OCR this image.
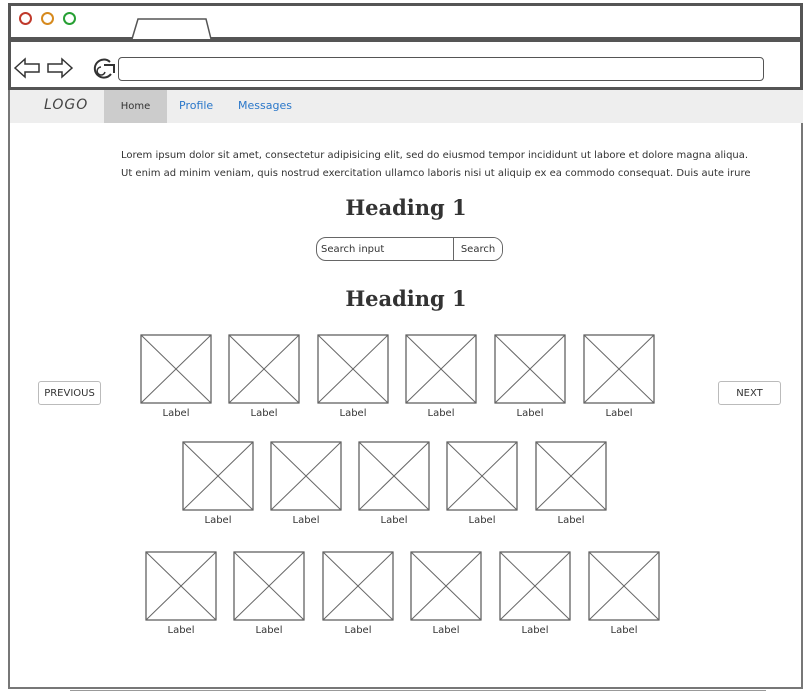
LOGO	Home	Profile Messages
Lorem ipsum dolor sit amet, consectetur adipisicing elit, sed do eiusmod tempor incididunt ut labore et dolore magna aliqua.
Ut enim ad minim veniam, quis nostrud exercitation ullamco laboris nisi ut aliquip ex ea commodo consequat. Duis aute irure
Heading 1
Search input
Search
Heading 1
PREVIOUS	NEXT
Label	Label	Label	Label	Label	Label
Label	Label	Label	Label	Label
Label	Label	Label	Label	Label	Label
